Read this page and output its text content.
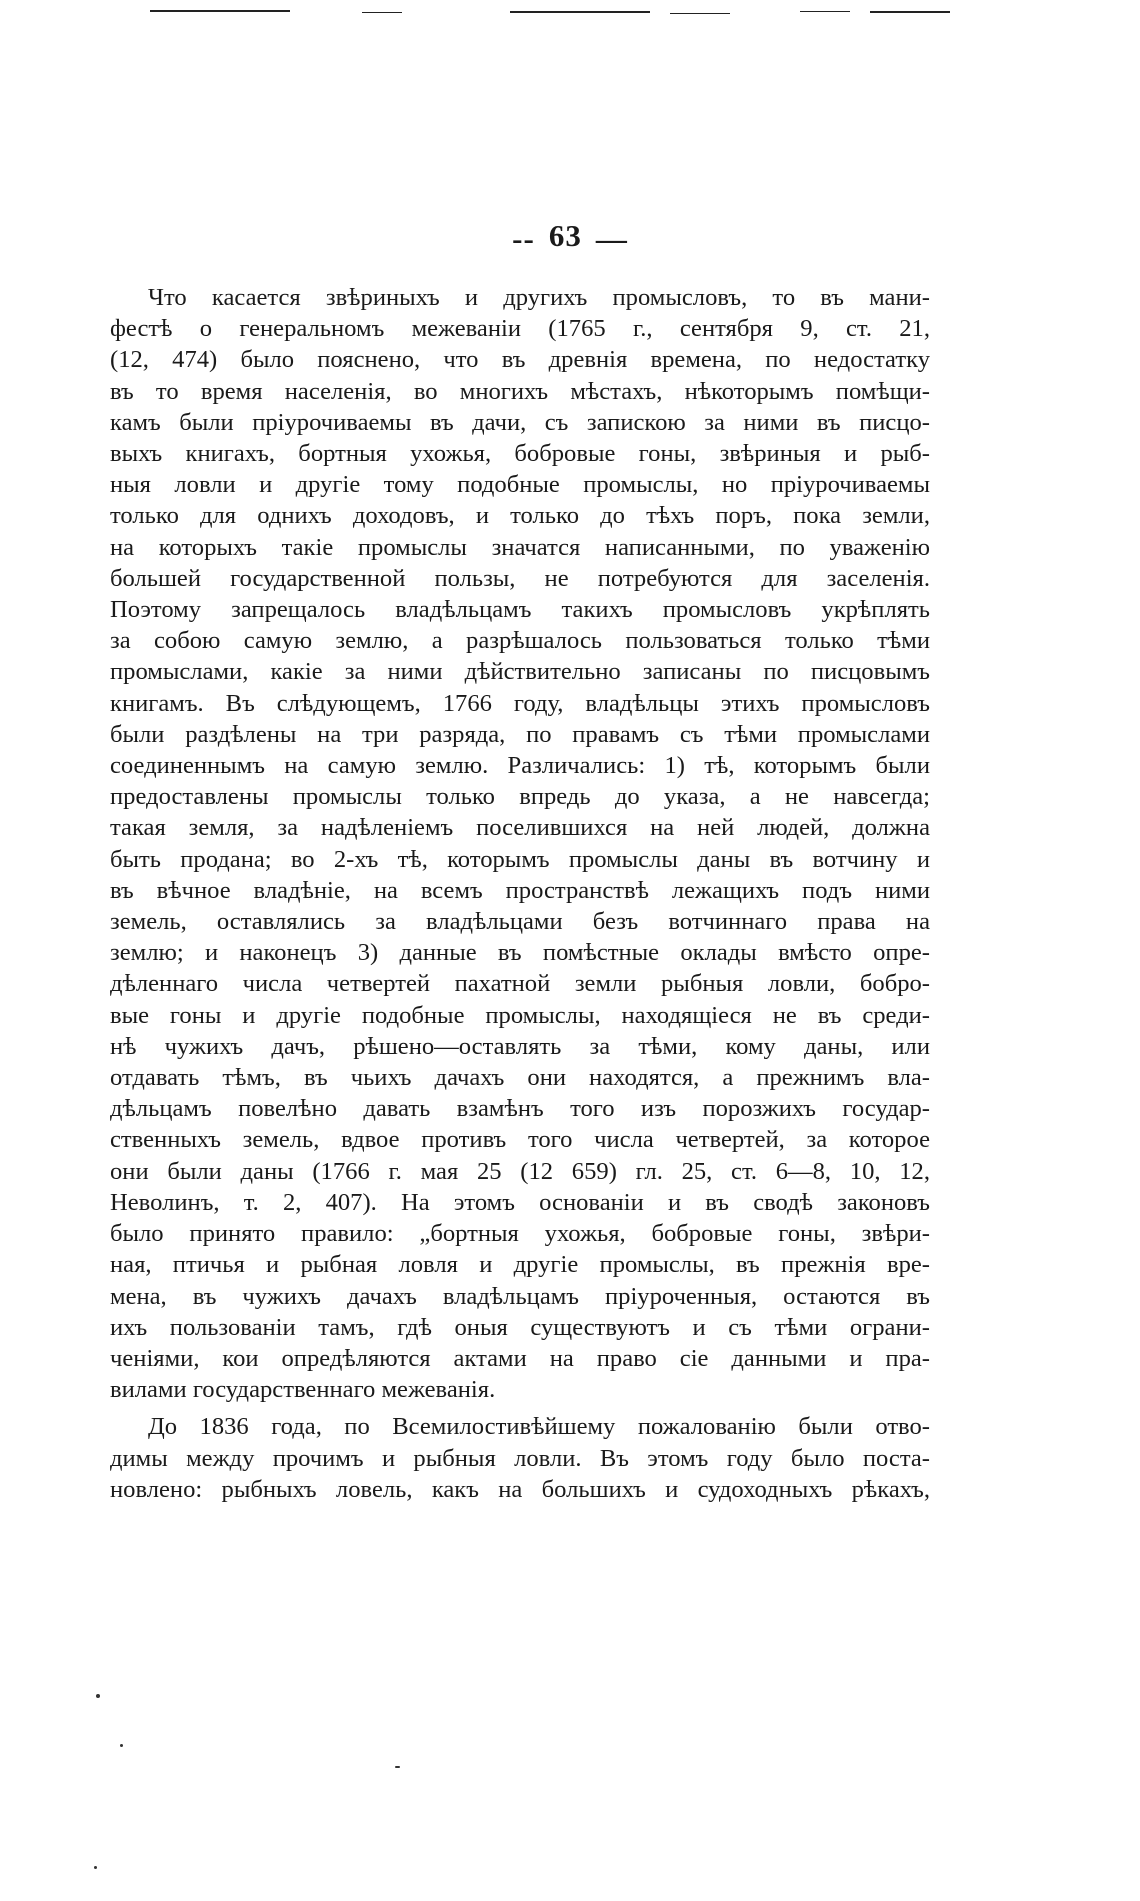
--63—
Что касается звѣриныхъ и другихъ промысловъ, то въ мани-
фестѣ о генеральномъ межеваніи (1765 г., сентября 9, ст. 21,
(12, 474) было пояснено, что въ древнія времена, по недостатку
въ то время населенія, во многихъ мѣстахъ, нѣкоторымъ помѣщи-
камъ были пріурочиваемы въ дачи, съ запискою за ними въ писцо-
выхъ книгахъ, бортныя ухожья, бобровые гоны, звѣриныя и рыб-
ныя ловли и другіе тому подобные промыслы, но пріурочиваемы
только для однихъ доходовъ, и только до тѣхъ поръ, пока земли,
на которыхъ такіе промыслы значатся написанными, по уваженію
большей государственной пользы, не потребуются для заселенія.
Поэтому запрещалось владѣльцамъ такихъ промысловъ укрѣплять
за собою самую землю, а разрѣшалось пользоваться только тѣми
промыслами, какіе за ними дѣйствительно записаны по писцовымъ
книгамъ. Въ слѣдующемъ, 1766 году, владѣльцы этихъ промысловъ
были раздѣлены на три разряда, по правамъ съ тѣми промыслами
соединеннымъ на самую землю. Различались: 1) тѣ, которымъ были
предоставлены промыслы только впредь до указа, а не навсегда;
такая земля, за надѣленіемъ поселившихся на ней людей, должна
быть продана; во 2-хъ тѣ, которымъ промыслы даны въ вотчину и
въ вѣчное владѣніе, на всемъ пространствѣ лежащихъ подъ ними
земель, оставлялись за владѣльцами безъ вотчиннаго права на
землю; и наконецъ 3) данные въ помѣстные оклады вмѣсто опре-
дѣленнаго числа четвертей пахатной земли рыбныя ловли, бобро-
вые гоны и другіе подобные промыслы, находящіеся не въ среди-
нѣ чужихъ дачъ, рѣшено—оставлять за тѣми, кому даны, или
отдавать тѣмъ, въ чьихъ дачахъ они находятся, а прежнимъ вла-
дѣльцамъ повелѣно давать взамѣнъ того изъ порозжихъ государ-
ственныхъ земель, вдвое противъ того числа четвертей, за которое
они были даны (1766 г. мая 25 (12 659) гл. 25, ст. 6—8, 10, 12,
Неволинъ, т. 2, 407). На этомъ основаніи и въ сводѣ законовъ
было принято правило: „бортныя ухожья, бобровые гоны, звѣри-
ная, птичья и рыбная ловля и другіе промыслы, въ прежнія вре-
мена, въ чужихъ дачахъ владѣльцамъ пріуроченныя, остаются въ
ихъ пользованіи тамъ, гдѣ оныя существуютъ и съ тѣми ограни-
ченіями, кои опредѣляются актами на право сіе данными и пра-
вилами государственнаго межеванія.
До 1836 года, по Всемилостивѣйшему пожалованію были отво-
димы между прочимъ и рыбныя ловли. Въ этомъ году было поста-
новлено: рыбныхъ ловель, какъ на большихъ и судоходныхъ рѣкахъ,
